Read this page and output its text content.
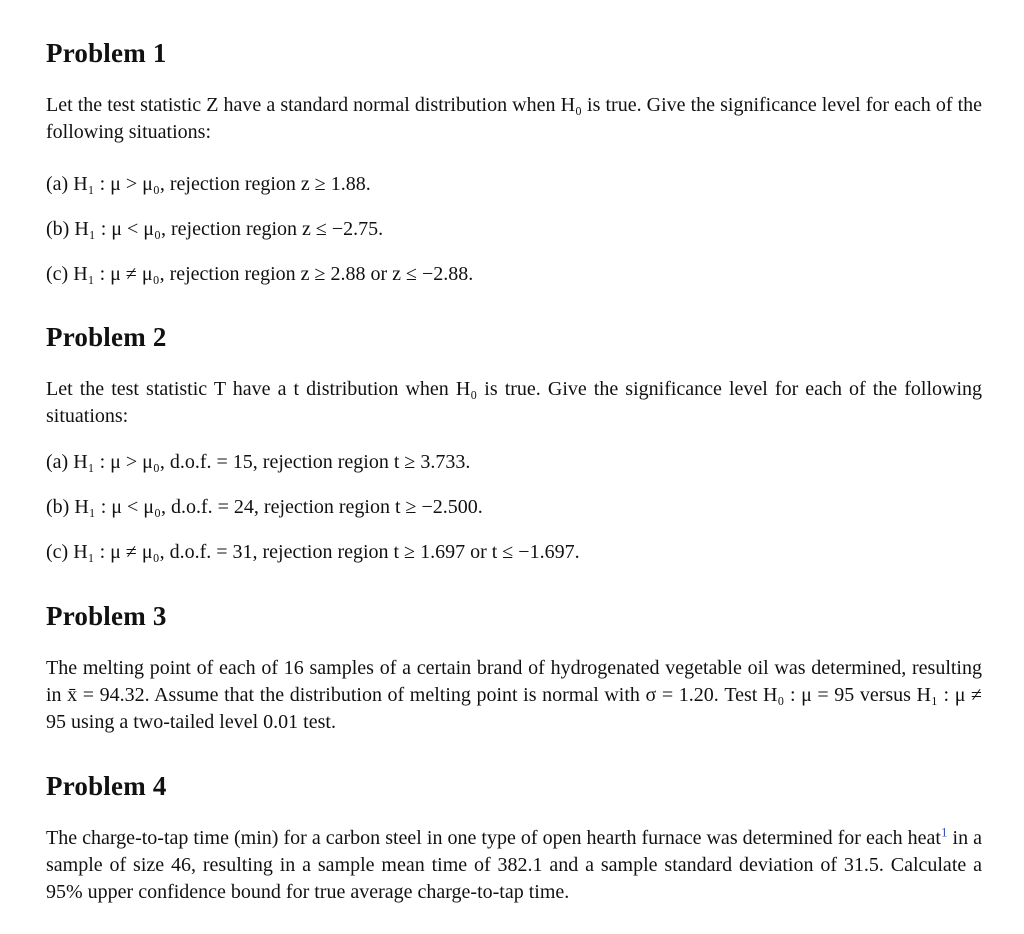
Problem 1

Let the test statistic Z have a standard normal distribution when H₀ is true. Give the significance level for each of the following situations:

(a) H₁ : μ > μ₀, rejection region z ≥ 1.88.

(b) H₁ : μ < μ₀, rejection region z ≤ −2.75.

(c) H₁ : μ ≠ μ₀, rejection region z ≥ 2.88 or z ≤ −2.88.

Problem 2

Let the test statistic T have a t distribution when H₀ is true. Give the significance level for each of the following situations:

(a) H₁ : μ > μ₀, d.o.f. = 15, rejection region t ≥ 3.733.

(b) H₁ : μ < μ₀, d.o.f. = 24, rejection region t ≥ −2.500.

(c) H₁ : μ ≠ μ₀, d.o.f. = 31, rejection region t ≥ 1.697 or t ≤ −1.697.

Problem 3

The melting point of each of 16 samples of a certain brand of hydrogenated vegetable oil was determined, resulting in x̄ = 94.32. Assume that the distribution of melting point is normal with σ = 1.20. Test H₀ : μ = 95 versus H₁ : μ ≠ 95 using a two-tailed level 0.01 test.

Problem 4

The charge-to-tap time (min) for a carbon steel in one type of open hearth furnace was determined for each heat$^1$ in a sample of size 46, resulting in a sample mean time of 382.1 and a sample standard deviation of 31.5. Calculate a 95% upper confidence bound for true average charge-to-tap time.
